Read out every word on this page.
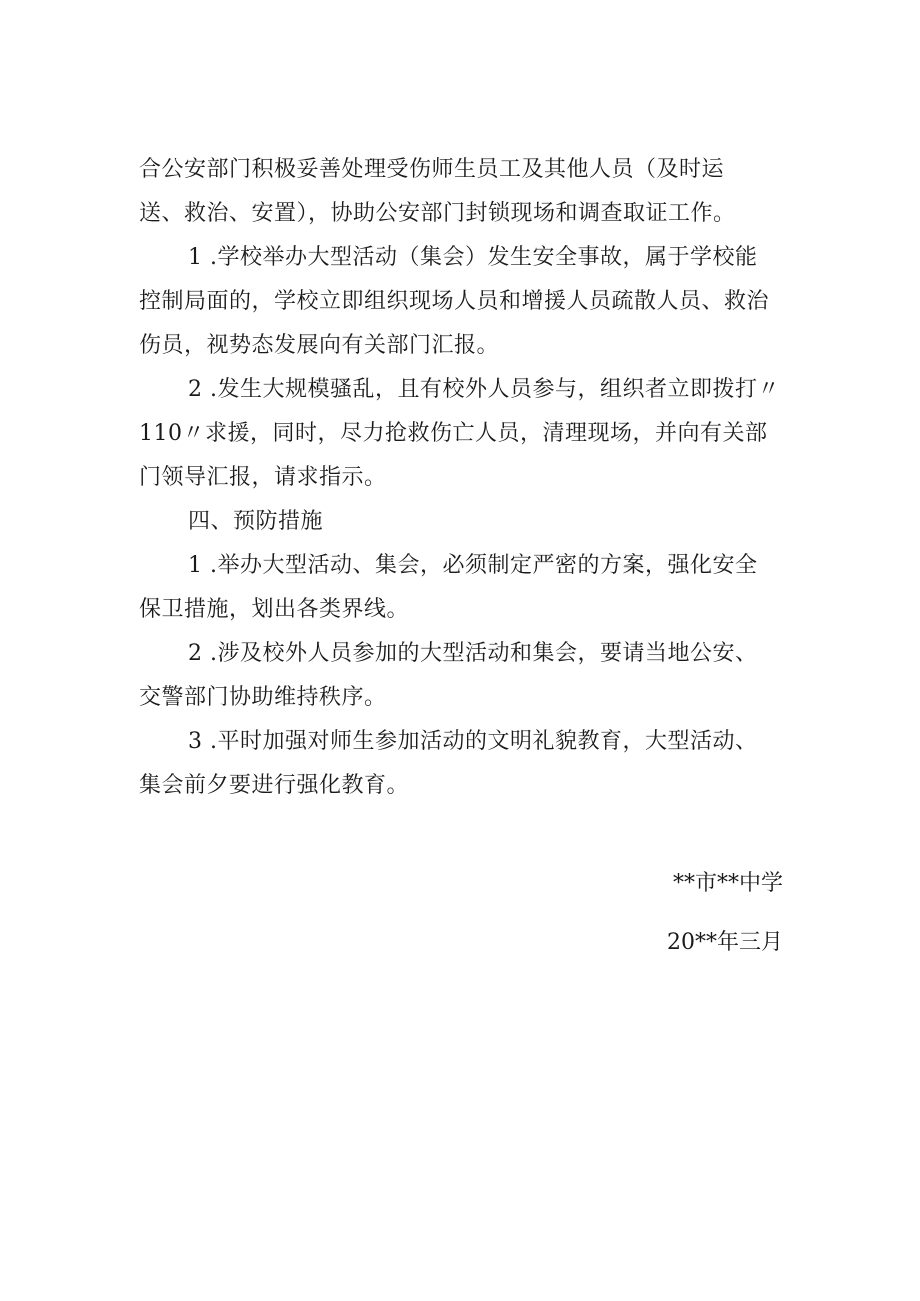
合公安部门积极妥善处理受伤师生员工及其他人员（及时运
送、救治、安置），协助公安部门封锁现场和调查取证工作。
1 .学校举办大型活动（集会）发生安全事故，属于学校能
控制局面的，学校立即组织现场人员和增援人员疏散人员、救治
伤员，视势态发展向有关部门汇报。
2 .发生大规模骚乱，且有校外人员参与，组织者立即拨打〃
110〃求援，同时，尽力抢救伤亡人员，清理现场，并向有关部
门领导汇报，请求指示。
四、预防措施
1 .举办大型活动、集会，必须制定严密的方案，强化安全
保卫措施，划出各类界线。
2 .涉及校外人员参加的大型活动和集会，要请当地公安、
交警部门协助维持秩序。
3 .平时加强对师生参加活动的文明礼貌教育，大型活动、
集会前夕要进行强化教育。
**市**中学
20**年三月
